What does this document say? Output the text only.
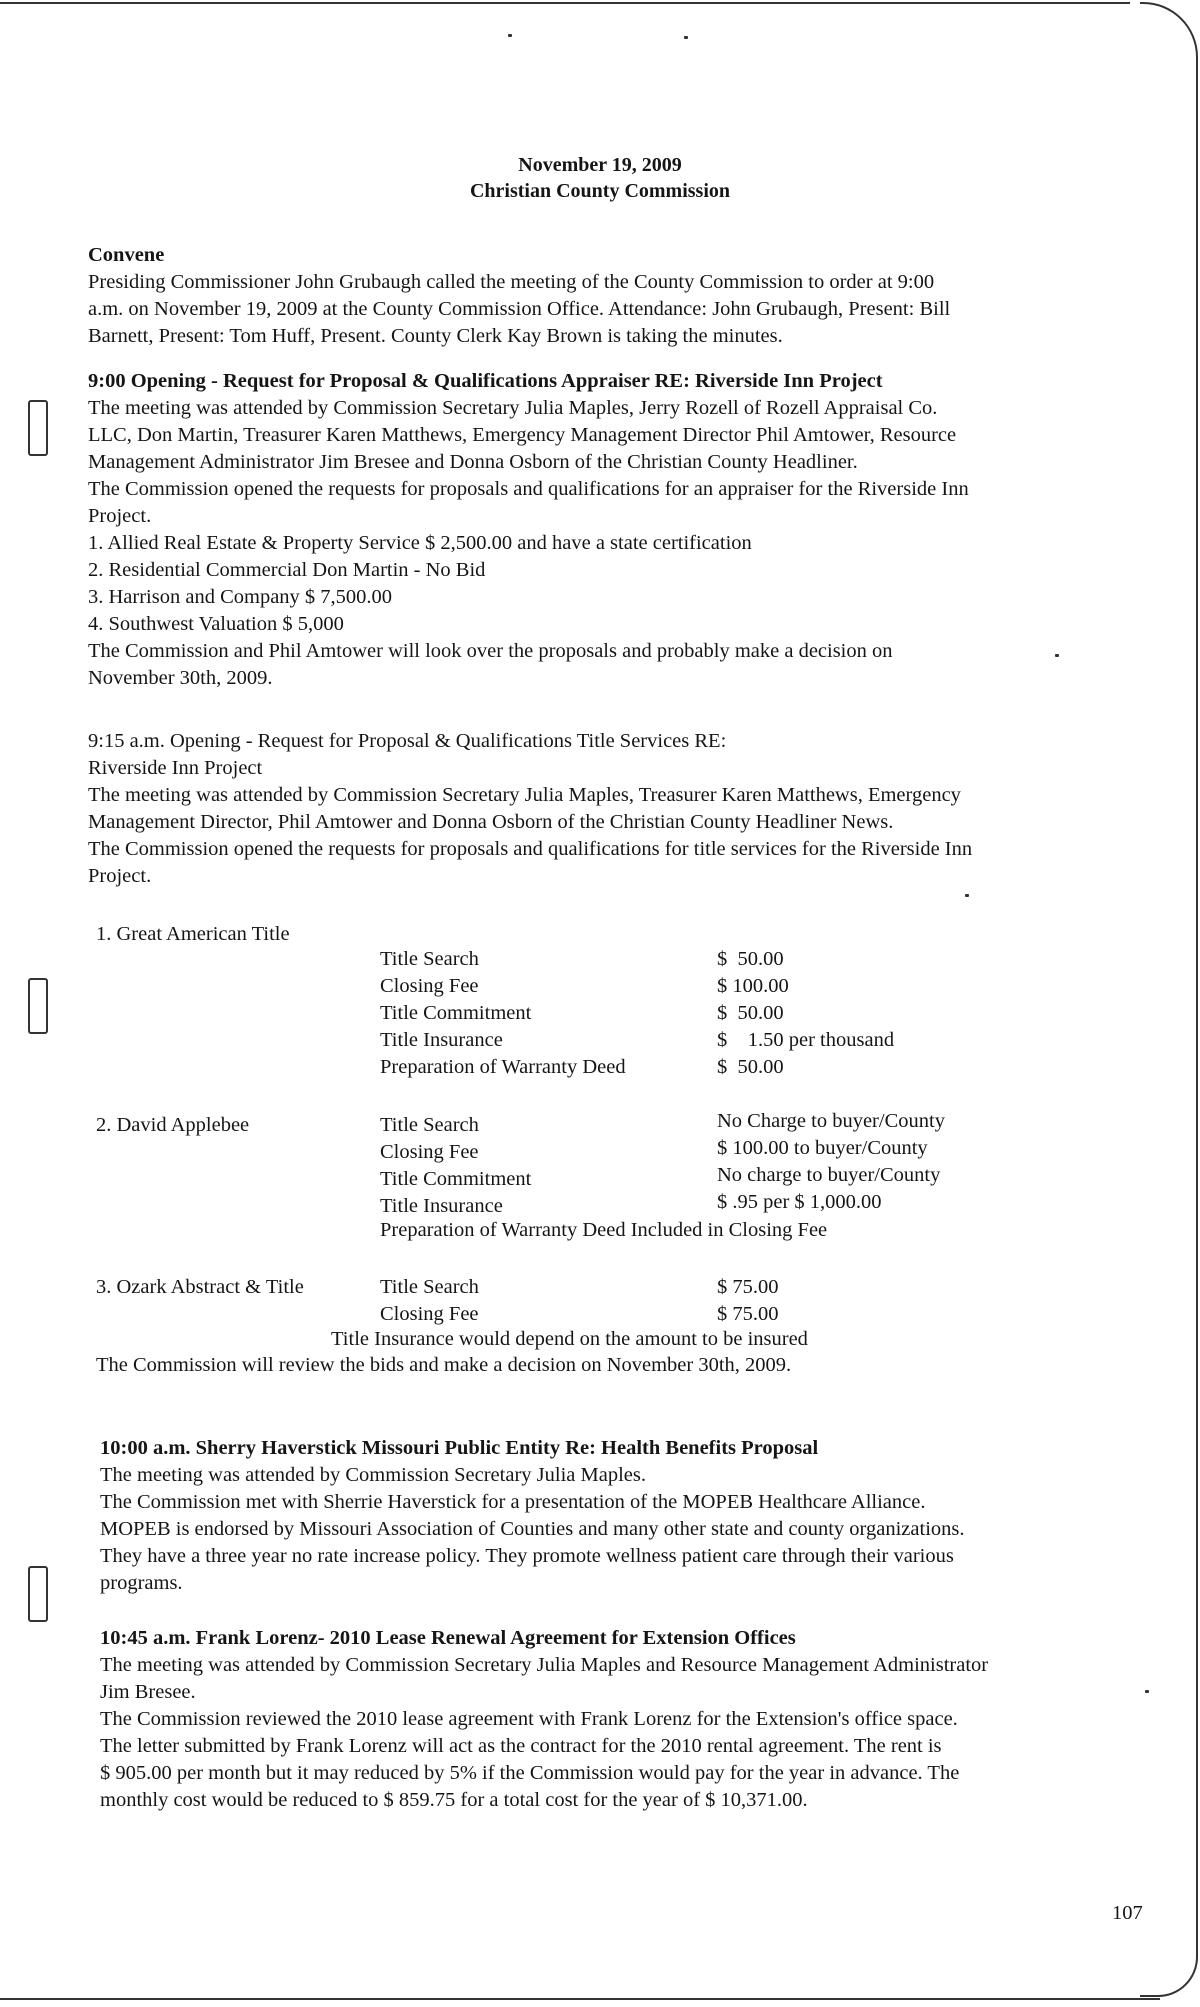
November 19, 2009
Christian County Commission
Convene
Presiding Commissioner John Grubaugh called the meeting of the County Commission to order at 9:00
a.m. on November 19, 2009 at the County Commission Office. Attendance: John Grubaugh, Present: Bill
Barnett, Present: Tom Huff, Present. County Clerk Kay Brown is taking the minutes.
9:00 Opening - Request for Proposal & Qualifications Appraiser RE: Riverside Inn Project
The meeting was attended by Commission Secretary Julia Maples, Jerry Rozell of Rozell Appraisal Co.
LLC, Don Martin, Treasurer Karen Matthews, Emergency Management Director Phil Amtower, Resource
Management Administrator Jim Bresee and Donna Osborn of the Christian County Headliner.
The Commission opened the requests for proposals and qualifications for an appraiser for the Riverside Inn
Project.
1. Allied Real Estate & Property Service $ 2,500.00 and have a state certification
2. Residential Commercial Don Martin - No Bid
3. Harrison and Company $ 7,500.00
4. Southwest Valuation $ 5,000
The Commission and Phil Amtower will look over the proposals and probably make a decision on
November 30th, 2009.
9:15 a.m. Opening - Request for Proposal & Qualifications Title Services RE:
Riverside Inn Project
The meeting was attended by Commission Secretary Julia Maples, Treasurer Karen Matthews, Emergency
Management Director, Phil Amtower and Donna Osborn of the Christian County Headliner News.
The Commission opened the requests for proposals and qualifications for title services for the Riverside Inn
Project.
1. Great American Title
Title Search	$  50.00
Closing Fee	$ 100.00
Title Commitment	$  50.00
Title Insurance	$    1.50 per thousand
Preparation of Warranty Deed	$  50.00
2. David Applebee	Title Search	No Charge to buyer/County
Closing Fee	$ 100.00 to buyer/County
Title Commitment	No charge to buyer/County
Title Insurance	$ .95 per $ 1,000.00
Preparation of Warranty Deed Included in Closing Fee
3. Ozark Abstract & Title	Title Search	$ 75.00
Closing Fee	$ 75.00
Title Insurance would depend on the amount to be insured
The Commission will review the bids and make a decision on November 30th, 2009.
10:00 a.m. Sherry Haverstick Missouri Public Entity Re: Health Benefits Proposal
The meeting was attended by Commission Secretary Julia Maples.
The Commission met with Sherrie Haverstick for a presentation of the MOPEB Healthcare Alliance.
MOPEB is endorsed by Missouri Association of Counties and many other state and county organizations.
They have a three year no rate increase policy. They promote wellness patient care through their various
programs.
10:45 a.m. Frank Lorenz- 2010 Lease Renewal Agreement for Extension Offices
The meeting was attended by Commission Secretary Julia Maples and Resource Management Administrator
Jim Bresee.
The Commission reviewed the 2010 lease agreement with Frank Lorenz for the Extension's office space.
The letter submitted by Frank Lorenz will act as the contract for the 2010 rental agreement. The rent is
$ 905.00 per month but it may reduced by 5% if the Commission would pay for the year in advance. The
monthly cost would be reduced to $ 859.75 for a total cost for the year of $ 10,371.00.
107
